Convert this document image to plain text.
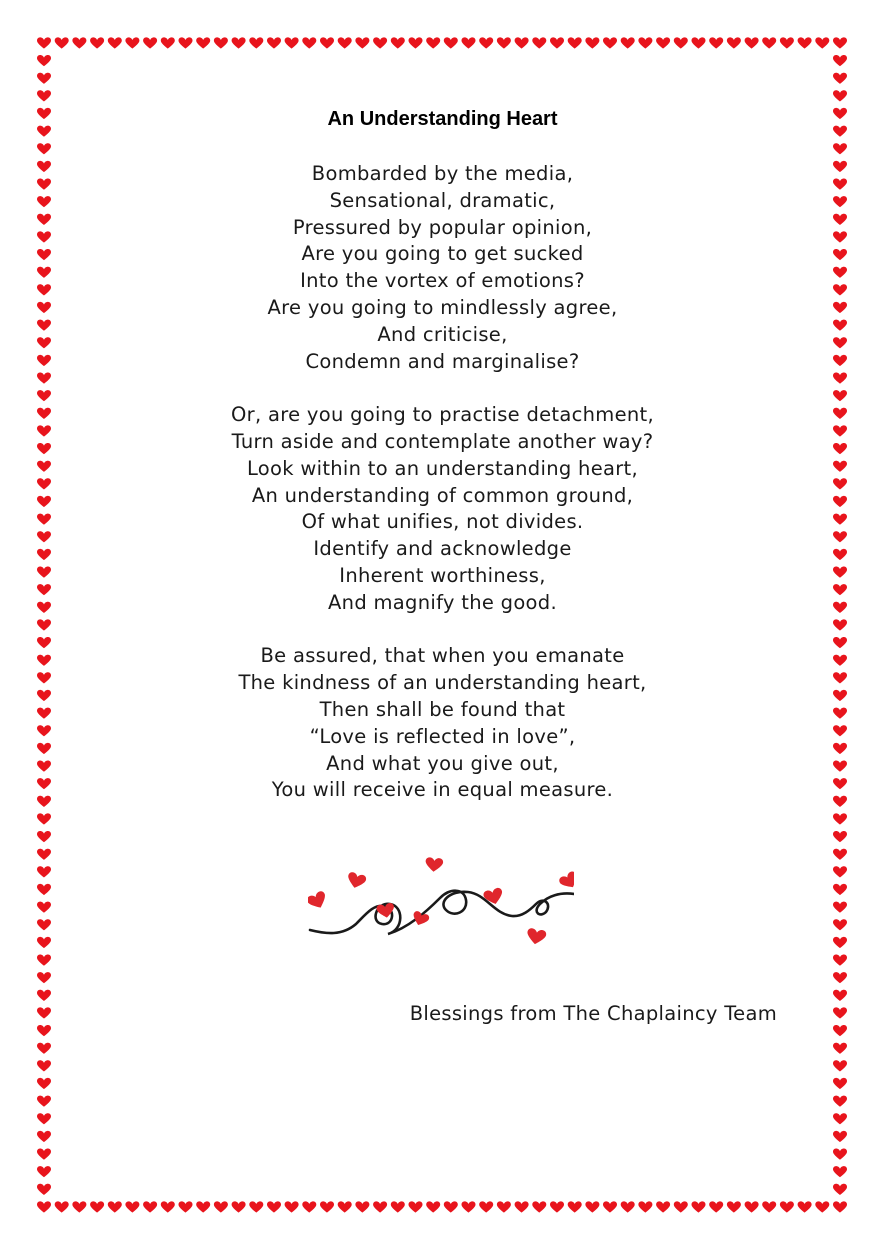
An Understanding Heart
Bombarded by the media,
Sensational, dramatic,
Pressured by popular opinion,
Are you going to get sucked
Into the vortex of emotions?
Are you going to mindlessly agree,
And criticise,
Condemn and marginalise?
Or, are you going to practise detachment,
Turn aside and contemplate another way?
Look within to an understanding heart,
An understanding of common ground,
Of what unifies, not divides.
Identify and acknowledge
Inherent worthiness,
And magnify the good.
Be assured, that when you emanate
The kindness of an understanding heart,
Then shall be found that
“Love is reflected in love”,
And what you give out,
You will receive in equal measure.
Blessings from The Chaplaincy Team
